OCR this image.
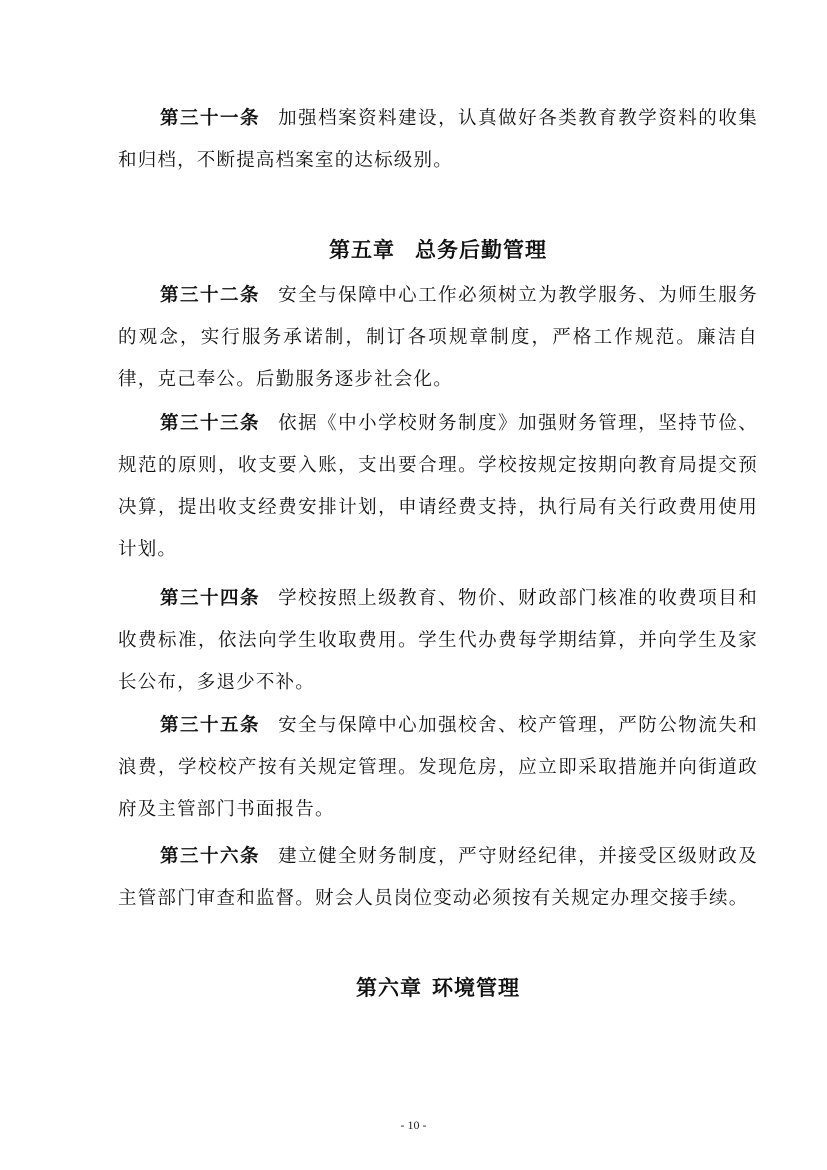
第三十一条 加强档案资料建设，认真做好各类教育教学资料的收集和归档，不断提高档案室的达标级别。

第五章 总务后勤管理

第三十二条 安全与保障中心工作必须树立为教学服务、为师生服务的观念，实行服务承诺制，制订各项规章制度，严格工作规范。廉洁自律，克己奉公。后勤服务逐步社会化。

第三十三条 依据《中小学校财务制度》加强财务管理，坚持节俭、规范的原则，收支要入账，支出要合理。学校按规定按期向教育局提交预决算，提出收支经费安排计划，申请经费支持，执行局有关行政费用使用计划。

第三十四条 学校按照上级教育、物价、财政部门核准的收费项目和收费标准，依法向学生收取费用。学生代办费每学期结算，并向学生及家长公布，多退少不补。

第三十五条 安全与保障中心加强校舍、校产管理，严防公物流失和浪费，学校校产按有关规定管理。发现危房，应立即采取措施并向街道政府及主管部门书面报告。

第三十六条 建立健全财务制度，严守财经纪律，并接受区级财政及主管部门审查和监督。财会人员岗位变动必须按有关规定办理交接手续。

第六章 环境管理
- 10 -
